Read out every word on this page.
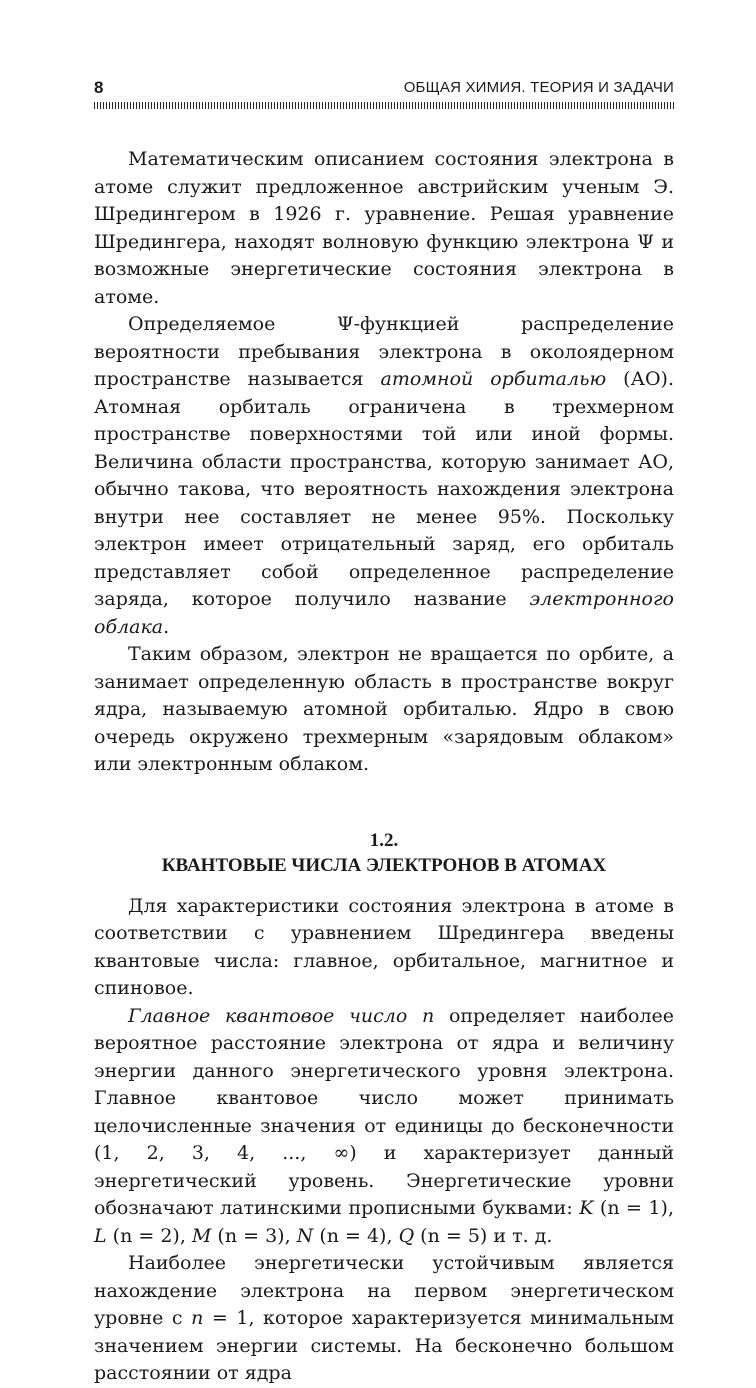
8	ОБЩАЯ ХИМИЯ. ТЕОРИЯ И ЗАДАЧИ

Математическим описанием состояния электрона в атоме служит предложенное австрийским ученым Э. Шредингером в 1926 г. уравнение. Решая уравнение Шредингера, находят волновую функцию электрона Ψ и возможные энергетические состояния электрона в атоме.

Определяемое Ψ-функцией распределение вероятности пребывания электрона в околоядерном пространстве называется атомной орбиталью (АО). Атомная орбиталь ограничена в трехмерном пространстве поверхностями той или иной формы. Величина области пространства, которую занимает АО, обычно такова, что вероятность нахождения электрона внутри нее составляет не менее 95%. Поскольку электрон имеет отрицательный заряд, его орбиталь представляет собой определенное распределение заряда, которое получило название электронного облака.

Таким образом, электрон не вращается по орбите, а занимает определенную область в пространстве вокруг ядра, называемую атомной орбиталью. Ядро в свою очередь окружено трехмерным «зарядовым облаком» или электронным облаком.

1.2.
КВАНТОВЫЕ ЧИСЛА ЭЛЕКТРОНОВ В АТОМАХ

Для характеристики состояния электрона в атоме в соответствии с уравнением Шредингера введены квантовые числа: главное, орбитальное, магнитное и спиновое.

Главное квантовое число n определяет наиболее вероятное расстояние электрона от ядра и величину энергии данного энергетического уровня электрона. Главное квантовое число может принимать целочисленные значения от единицы до бесконечности (1, 2, 3, 4, ..., ∞) и характеризует данный энергетический уровень. Энергетические уровни обозначают латинскими прописными буквами: K (n = 1), L (n = 2), M (n = 3), N (n = 4), Q (n = 5) и т. д.

Наиболее энергетически устойчивым является нахождение электрона на первом энергетическом уровне с n = 1, которое характеризуется минимальным значением энергии системы. На бесконечно большом расстоянии от ядра
